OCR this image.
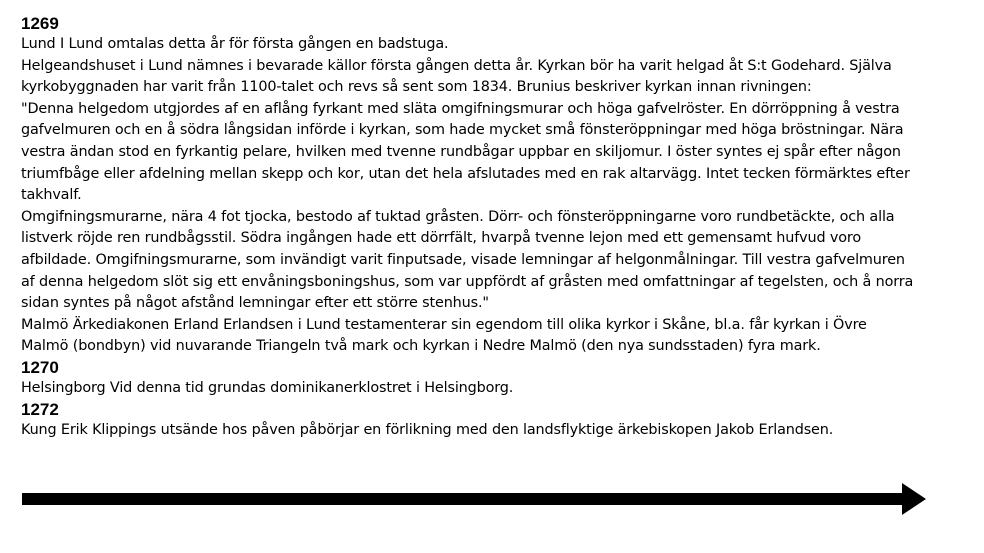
1269
Lund I Lund omtalas detta år för första gången en badstuga.
Helgeandshuset i Lund nämnes i bevarade källor första gången detta år. Kyrkan bör ha varit helgad åt S:t Godehard. Själva
kyrkobyggnaden har varit från 1100-talet och revs så sent som 1834. Brunius beskriver kyrkan innan rivningen:
"Denna helgedom utgjordes af en aflång fyrkant med släta omgifningsmurar och höga gafvelröster. En dörröppning å vestra
gafvelmuren och en å södra långsidan införde i kyrkan, som hade mycket små fönsteröppningar med höga bröstningar. Nära
vestra ändan stod en fyrkantig pelare, hvilken med tvenne rundbågar uppbar en skiljomur. I öster syntes ej spår efter någon
triumfbåge eller afdelning mellan skepp och kor, utan det hela afslutades med en rak altarvägg. Intet tecken förmärktes efter
takhvalf.
Omgifningsmurarne, nära 4 fot tjocka, bestodo af tuktad gråsten. Dörr- och fönsteröppningarne voro rundbetäckte, och alla
listverk röjde ren rundbågsstil. Södra ingången hade ett dörrfält, hvarpå tvenne lejon med ett gemensamt hufvud voro
afbildade. Omgifningsmurarne, som invändigt varit finputsade, visade lemningar af helgonmålningar. Till vestra gafvelmuren
af denna helgedom slöt sig ett envåningsboningshus, som var uppfördt af gråsten med omfattningar af tegelsten, och å norra
sidan syntes på något afstånd lemningar efter ett större stenhus."
Malmö Ärkediakonen Erland Erlandsen i Lund testamenterar sin egendom till olika kyrkor i Skåne, bl.a. får kyrkan i Övre
Malmö (bondbyn) vid nuvarande Triangeln två mark och kyrkan i Nedre Malmö (den nya sundsstaden) fyra mark.
1270
Helsingborg Vid denna tid grundas dominikanerklostret i Helsingborg.
1272
Kung Erik Klippings utsände hos påven påbörjar en förlikning med den landsflyktige ärkebiskopen Jakob Erlandsen.
